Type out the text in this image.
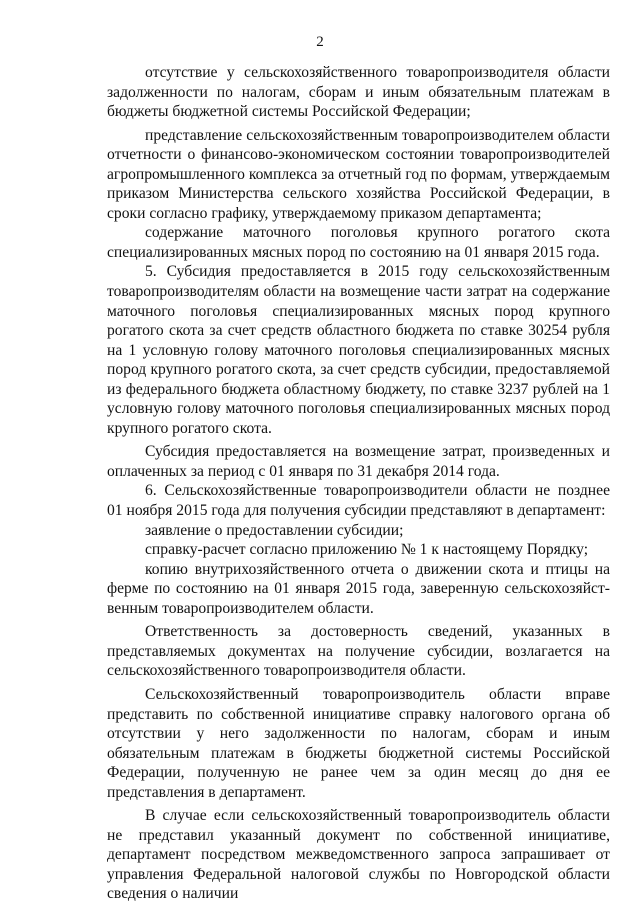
2

отсутствие у сельскохозяйственного товаропроизводителя области задолженности по налогам, сборам и иным обязательным платежам в бюджеты бюджетной системы Российской Федерации;

представление сельскохозяйственным товаропроизводителем области отчетности о финансово-экономическом состоянии товаропроизводителей агропромышленного комплекса за отчетный год по формам, утверждаемым приказом Министерства сельского хозяйства Российской Федерации, в сроки согласно графику, утверждаемому приказом департамента;

содержание маточного поголовья крупного рогатого скота специализированных мясных пород по состоянию на 01 января 2015 года.

5. Субсидия предоставляется в 2015 году сельскохозяйственным товаропроизводителям области на возмещение части затрат на содержание маточного поголовья специализированных мясных пород крупного рогатого скота за счет средств областного бюджета по ставке 30254 рубля на 1 условную голову маточного поголовья специализированных мясных пород крупного рогатого скота, за счет средств субсидии, предоставляемой из федерального бюджета областному бюджету, по ставке 3237 рублей на 1 условную голову маточного поголовья специализированных мясных пород крупного рогатого скота.

Субсидия предоставляется на возмещение затрат, произведенных и оплаченных за период с 01 января по 31 декабря 2014 года.

6. Сельскохозяйственные товаропроизводители области не позднее 01 ноября 2015 года для получения субсидии представляют в департамент:

заявление о предоставлении субсидии;

справку-расчет согласно приложению № 1 к настоящему Порядку;

копию внутрихозяйственного отчета о движении скота и птицы на ферме по состоянию на 01 января 2015 года, заверенную сельскохозяйственным товаропроизводителем области.

Ответственность за достоверность сведений, указанных в представляемых документах на получение субсидии, возлагается на сельскохозяйственного товаропроизводителя области.

Сельскохозяйственный товаропроизводитель области вправе представить по собственной инициативе справку налогового органа об отсутствии у него задолженности по налогам, сборам и иным обязательным платежам в бюджеты бюджетной системы Российской Федерации, полученную не ранее чем за один месяц до дня ее представления в департамент.

В случае если сельскохозяйственный товаропроизводитель области не представил указанный документ по собственной инициативе, департамент посредством межведомственного запроса запрашивает от управления Федеральной налоговой службы по Новгородской области сведения о наличии
